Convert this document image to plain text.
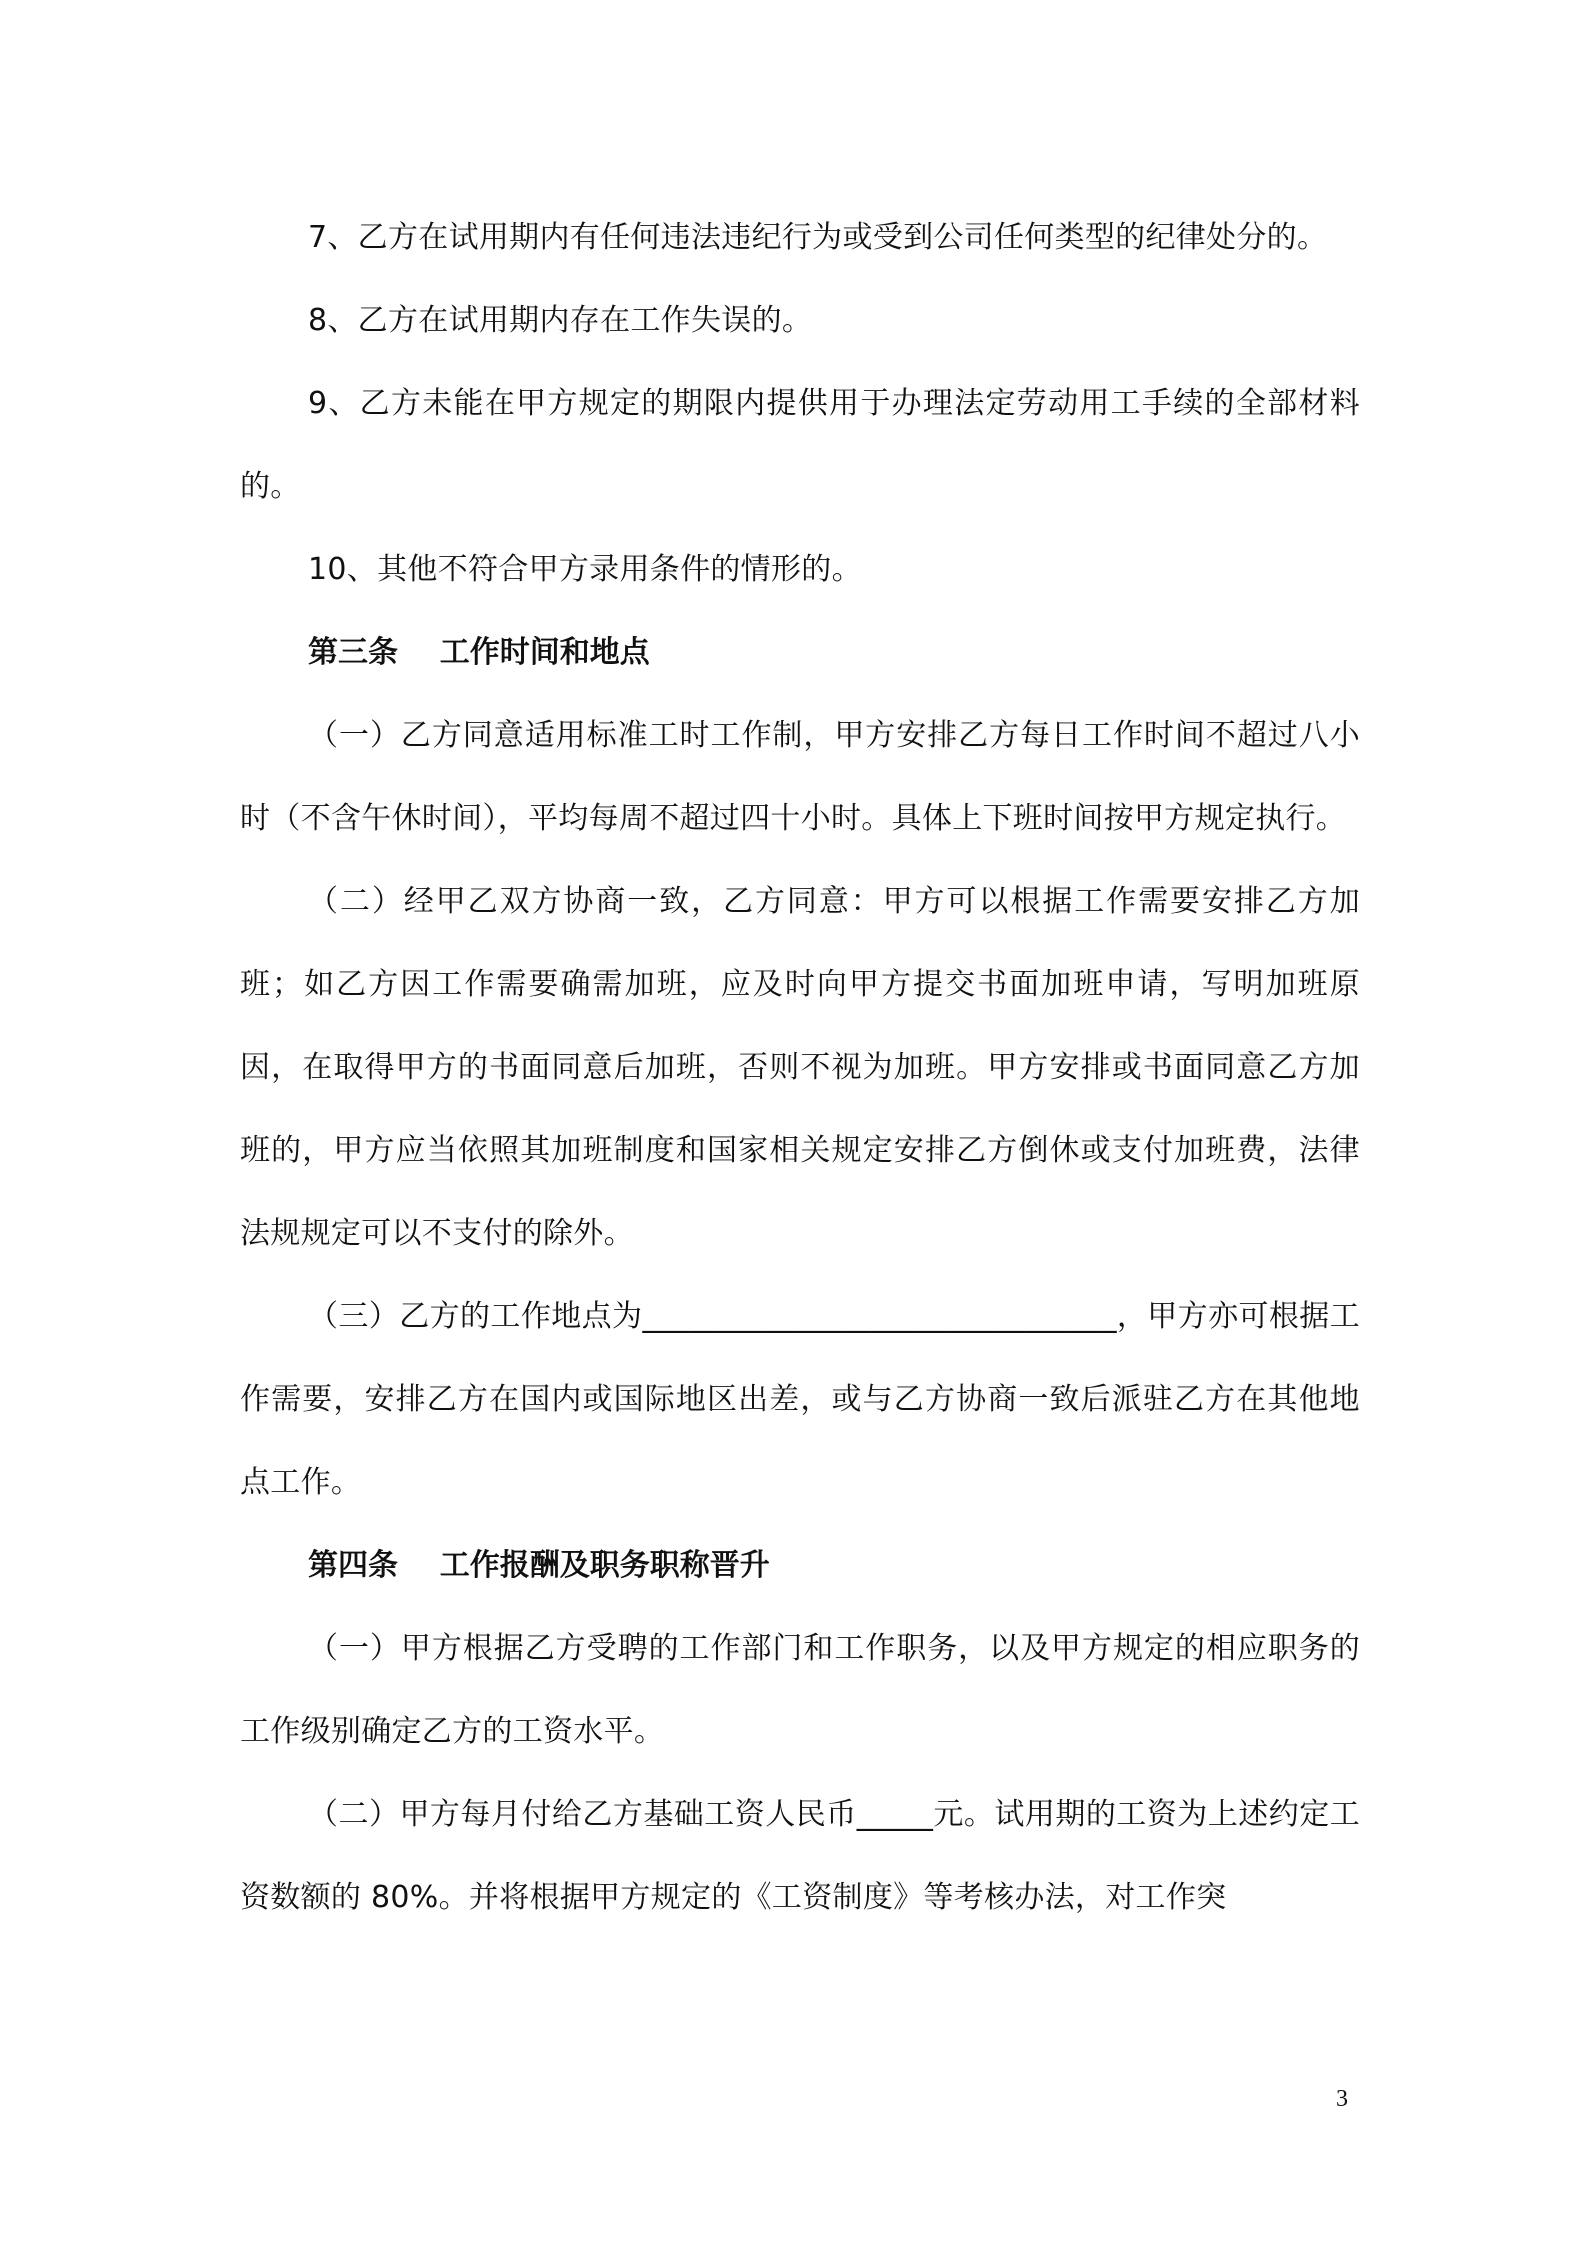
7、乙方在试用期内有任何违法违纪行为或受到公司任何类型的纪律处分的。

8、乙方在试用期内存在工作失误的。

9、乙方未能在甲方规定的期限内提供用于办理法定劳动用工手续的全部材料的。

10、其他不符合甲方录用条件的情形的。

第三条    工作时间和地点

（一）乙方同意适用标准工时工作制，甲方安排乙方每日工作时间不超过八小时（不含午休时间），平均每周不超过四十小时。具体上下班时间按甲方规定执行。

（二）经甲乙双方协商一致，乙方同意：甲方可以根据工作需要安排乙方加班；如乙方因工作需要确需加班，应及时向甲方提交书面加班申请，写明加班原因，在取得甲方的书面同意后加班，否则不视为加班。甲方安排或书面同意乙方加班的，甲方应当依照其加班制度和国家相关规定安排乙方倒休或支付加班费，法律法规规定可以不支付的除外。

（三）乙方的工作地点为_______________________________，甲方亦可根据工作需要，安排乙方在国内或国际地区出差，或与乙方协商一致后派驻乙方在其他地点工作。

第四条    工作报酬及职务职称晋升

（一）甲方根据乙方受聘的工作部门和工作职务，以及甲方规定的相应职务的工作级别确定乙方的工资水平。

（二）甲方每月付给乙方基础工资人民币_____元。试用期的工资为上述约定工资数额的 80%。并将根据甲方规定的《工资制度》等考核办法，对工作突

3
